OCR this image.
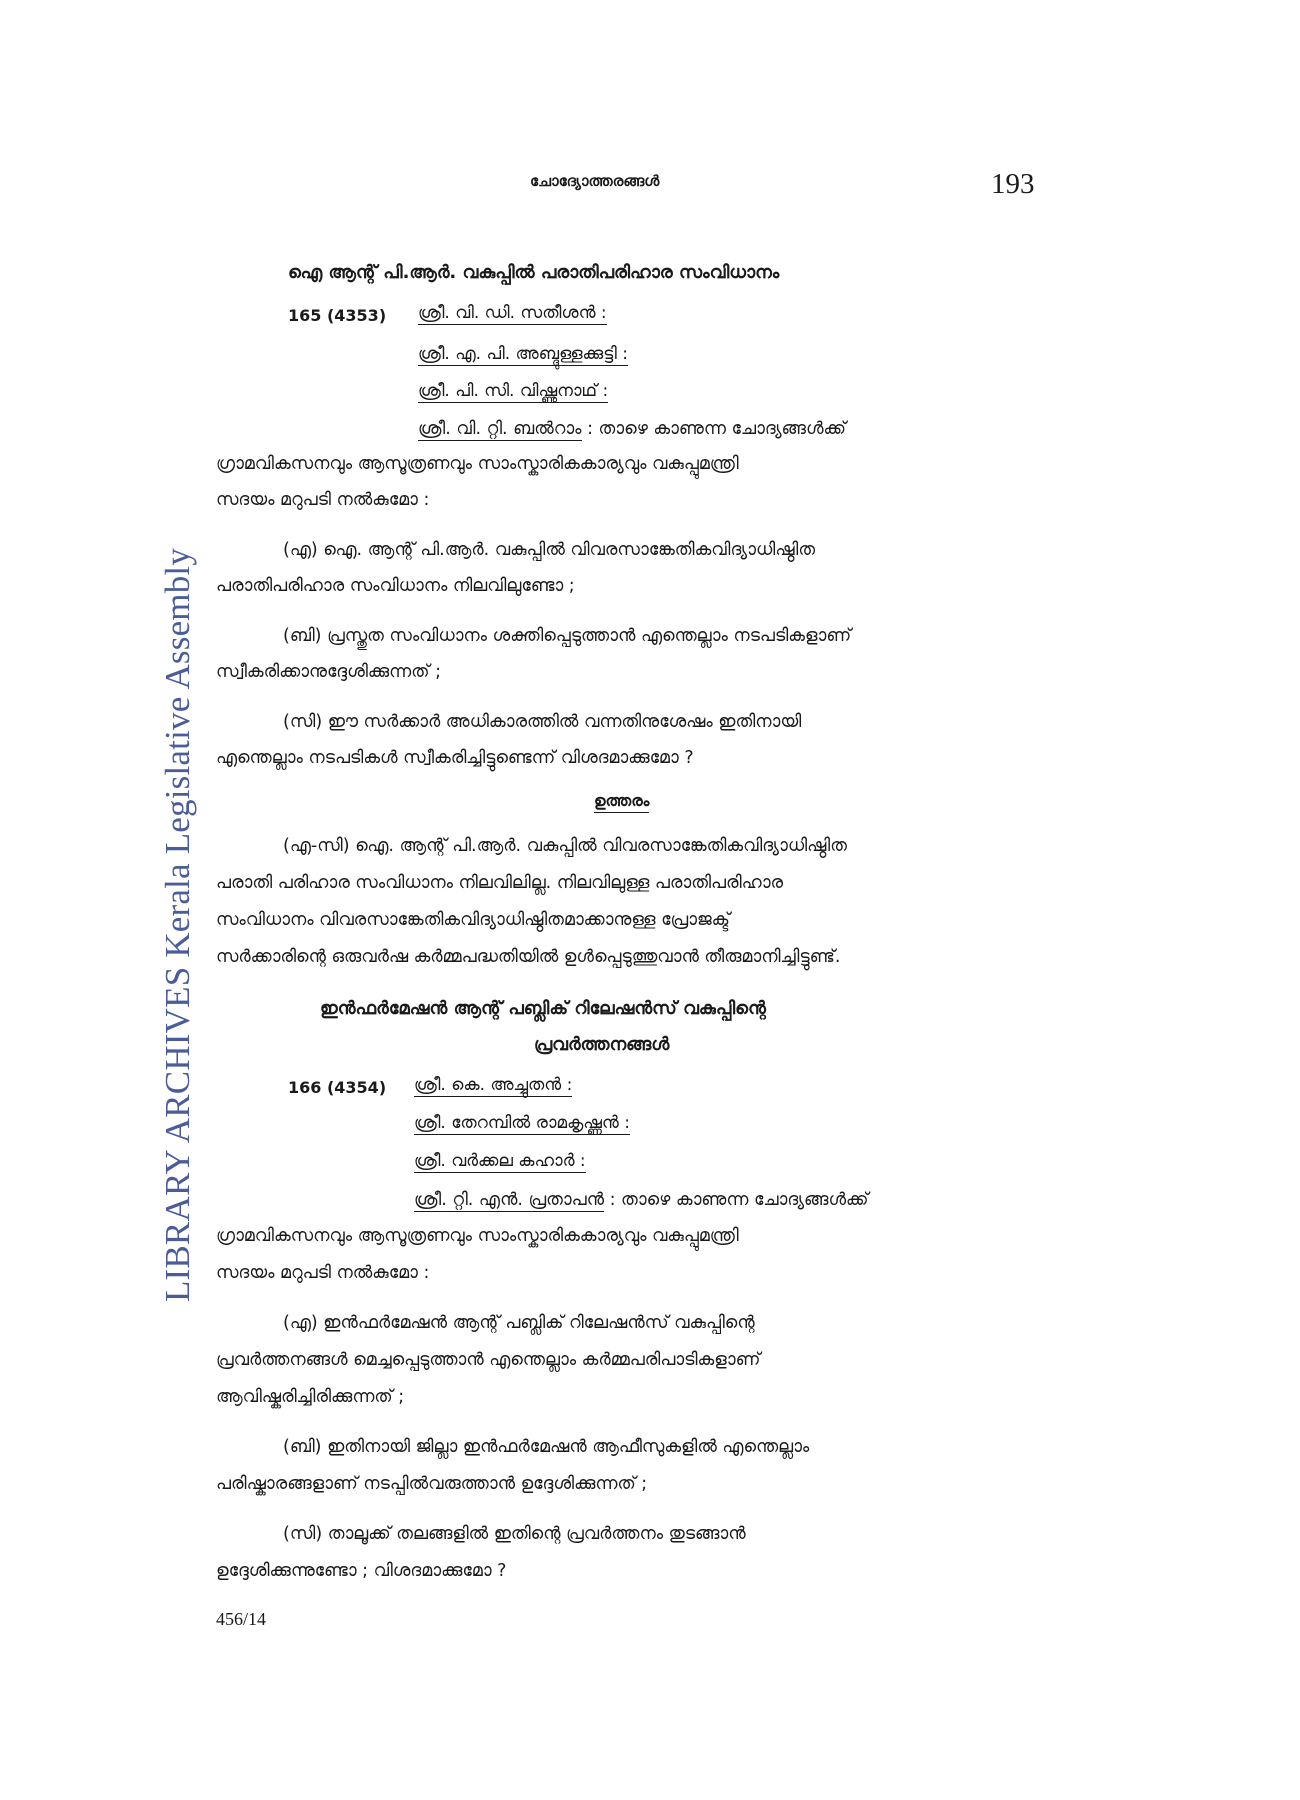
LIBRARY ARCHIVES Kerala Legislative Assembly
ചോദ്യോത്തരങ്ങൾ	193
ഐ ആന്റ് പി.ആർ. വകുപ്പിൽ പരാതിപരിഹാര സംവിധാനം
165 (4353) ശ്രീ. വി. ഡി. സതീശൻ :
ശ്രീ. എ. പി. അബ്ദുള്ളക്കുട്ടി :
ശ്രീ. പി. സി. വിഷ്ണുനാഥ് :
ശ്രീ. വി. റ്റി. ബൽറാം : താഴെ കാണുന്ന ചോദ്യങ്ങൾക്ക്
ഗ്രാമവികസനവും ആസൂത്രണവും സാംസ്കാരികകാര്യവും വകുപ്പുമന്ത്രി
സദയം മറുപടി നൽകുമോ :
(എ) ഐ. ആന്റ് പി.ആർ. വകുപ്പിൽ വിവരസാങ്കേതികവിദ്യാധിഷ്ഠിത
പരാതിപരിഹാര സംവിധാനം നിലവിലുണ്ടോ ;
(ബി) പ്രസ്തുത സംവിധാനം ശക്തിപ്പെടുത്താൻ എന്തെല്ലാം നടപടികളാണ്
സ്വീകരിക്കാനുദ്ദേശിക്കുന്നത് ;
(സി) ഈ സർക്കാർ അധികാരത്തിൽ വന്നതിനുശേഷം ഇതിനായി
എന്തെല്ലാം നടപടികൾ സ്വീകരിച്ചിട്ടുണ്ടെന്ന് വിശദമാക്കുമോ ?
ഉത്തരം
(എ-സി) ഐ. ആന്റ് പി.ആർ. വകുപ്പിൽ വിവരസാങ്കേതികവിദ്യാധിഷ്ഠിത
പരാതി പരിഹാര സംവിധാനം നിലവിലില്ല. നിലവിലുള്ള പരാതിപരിഹാര
സംവിധാനം വിവരസാങ്കേതികവിദ്യാധിഷ്ഠിതമാക്കാനുള്ള പ്രോജക്ട്
സർക്കാരിന്റെ ഒരുവർഷ കർമ്മപദ്ധതിയിൽ ഉൾപ്പെടുത്തുവാൻ തീരുമാനിച്ചിട്ടുണ്ട്.
ഇൻഫർമേഷൻ ആന്റ് പബ്ലിക് റിലേഷൻസ് വകുപ്പിന്റെ
പ്രവർത്തനങ്ങൾ
166 (4354) ശ്രീ. കെ. അച്ചുതൻ :
ശ്രീ. തേറമ്പിൽ രാമകൃഷ്ണൻ :
ശ്രീ. വർക്കല കഹാർ :
ശ്രീ. റ്റി. എൻ. പ്രതാപൻ : താഴെ കാണുന്ന ചോദ്യങ്ങൾക്ക്
ഗ്രാമവികസനവും ആസൂത്രണവും സാംസ്കാരികകാര്യവും വകുപ്പുമന്ത്രി
സദയം മറുപടി നൽകുമോ :
(എ) ഇൻഫർമേഷൻ ആന്റ് പബ്ലിക് റിലേഷൻസ് വകുപ്പിന്റെ
പ്രവർത്തനങ്ങൾ മെച്ചപ്പെടുത്താൻ എന്തെല്ലാം കർമ്മപരിപാടികളാണ്
ആവിഷ്കരിച്ചിരിക്കുന്നത് ;
(ബി) ഇതിനായി ജില്ലാ ഇൻഫർമേഷൻ ആഫീസുകളിൽ എന്തെല്ലാം
പരിഷ്കാരങ്ങളാണ് നടപ്പിൽവരുത്താൻ ഉദ്ദേശിക്കുന്നത് ;
(സി) താലൂക്ക് തലങ്ങളിൽ ഇതിന്റെ പ്രവർത്തനം തുടങ്ങാൻ
ഉദ്ദേശിക്കുന്നുണ്ടോ ; വിശദമാക്കുമോ ?
456/14
